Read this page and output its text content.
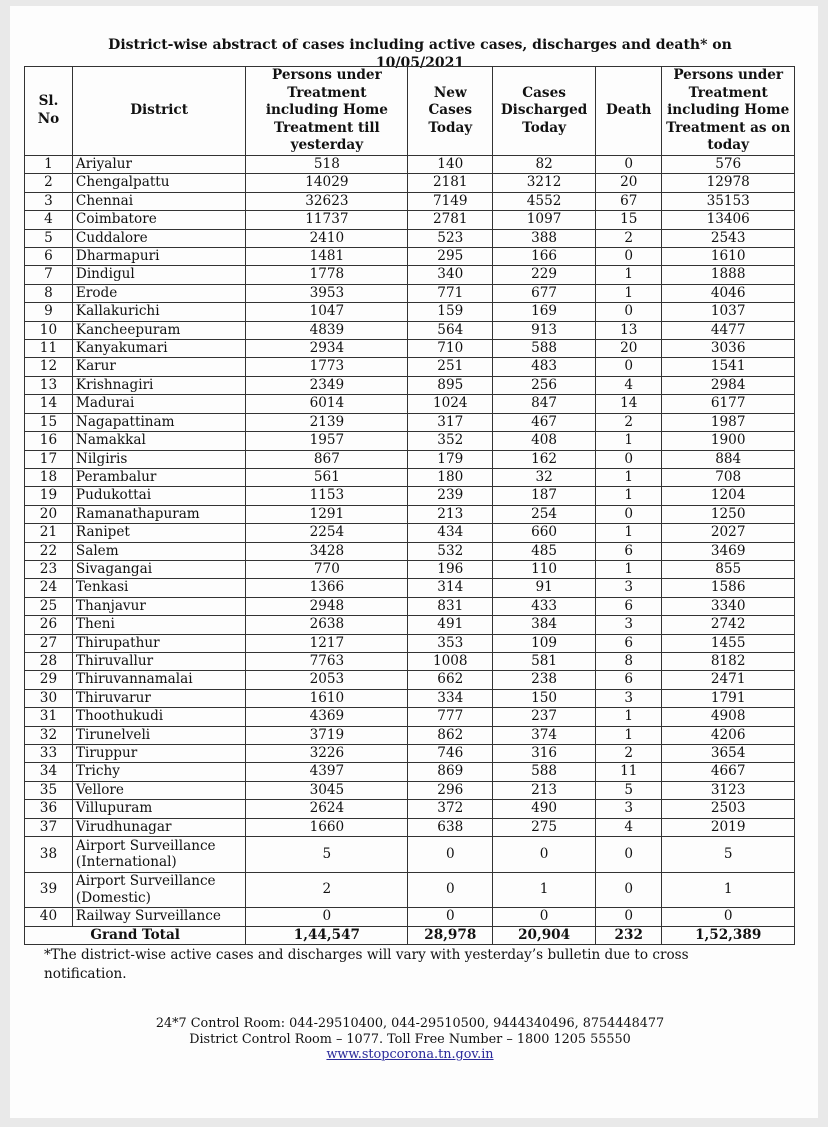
District-wise abstract of cases including active cases, discharges and death* on
10/05/2021
Sl. No	District	Persons under Treatment including Home Treatment till yesterday	New Cases Today	Cases Discharged Today	Death	Persons under Treatment including Home Treatment as on today
1	Ariyalur	518	140	82	0	576
2	Chengalpattu	14029	2181	3212	20	12978
3	Chennai	32623	7149	4552	67	35153
4	Coimbatore	11737	2781	1097	15	13406
5	Cuddalore	2410	523	388	2	2543
6	Dharmapuri	1481	295	166	0	1610
7	Dindigul	1778	340	229	1	1888
8	Erode	3953	771	677	1	4046
9	Kallakurichi	1047	159	169	0	1037
10	Kancheepuram	4839	564	913	13	4477
11	Kanyakumari	2934	710	588	20	3036
12	Karur	1773	251	483	0	1541
13	Krishnagiri	2349	895	256	4	2984
14	Madurai	6014	1024	847	14	6177
15	Nagapattinam	2139	317	467	2	1987
16	Namakkal	1957	352	408	1	1900
17	Nilgiris	867	179	162	0	884
18	Perambalur	561	180	32	1	708
19	Pudukottai	1153	239	187	1	1204
20	Ramanathapuram	1291	213	254	0	1250
21	Ranipet	2254	434	660	1	2027
22	Salem	3428	532	485	6	3469
23	Sivagangai	770	196	110	1	855
24	Tenkasi	1366	314	91	3	1586
25	Thanjavur	2948	831	433	6	3340
26	Theni	2638	491	384	3	2742
27	Thirupathur	1217	353	109	6	1455
28	Thiruvallur	7763	1008	581	8	8182
29	Thiruvannamalai	2053	662	238	6	2471
30	Thiruvarur	1610	334	150	3	1791
31	Thoothukudi	4369	777	237	1	4908
32	Tirunelveli	3719	862	374	1	4206
33	Tiruppur	3226	746	316	2	3654
34	Trichy	4397	869	588	11	4667
35	Vellore	3045	296	213	5	3123
36	Villupuram	2624	372	490	3	2503
37	Virudhunagar	1660	638	275	4	2019
38	Airport Surveillance (International)	5	0	0	0	5
39	Airport Surveillance (Domestic)	2	0	1	0	1
40	Railway Surveillance	0	0	0	0	0
Grand Total		1,44,547	28,978	20,904	232	1,52,389
*The district-wise active cases and discharges will vary with yesterday’s bulletin due to cross notification.
24*7 Control Room: 044-29510400, 044-29510500, 9444340496, 8754448477
District Control Room – 1077. Toll Free Number – 1800 1205 55550
www.stopcorona.tn.gov.in
